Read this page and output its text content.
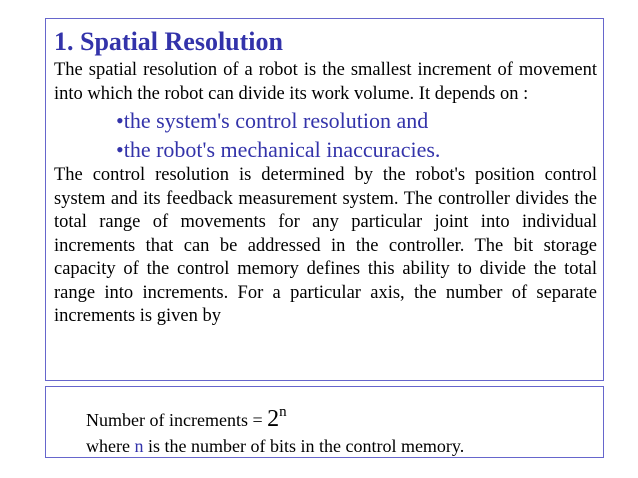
1. Spatial Resolution

The spatial resolution of a robot is the smallest increment of movement into which the robot can divide its work volume. It depends on :

•the system's control resolution and
•the robot's mechanical inaccuracies.

The control resolution is determined by the robot's position control system and its feedback measurement system. The controller divides the total range of movements for any particular joint into individual increments that can be addressed in the controller. The bit storage capacity of the control memory defines this ability to divide the total range into increments. For a particular axis, the number of separate increments is given by

Number of increments = $2^n$
where n is the number of bits in the control memory.
